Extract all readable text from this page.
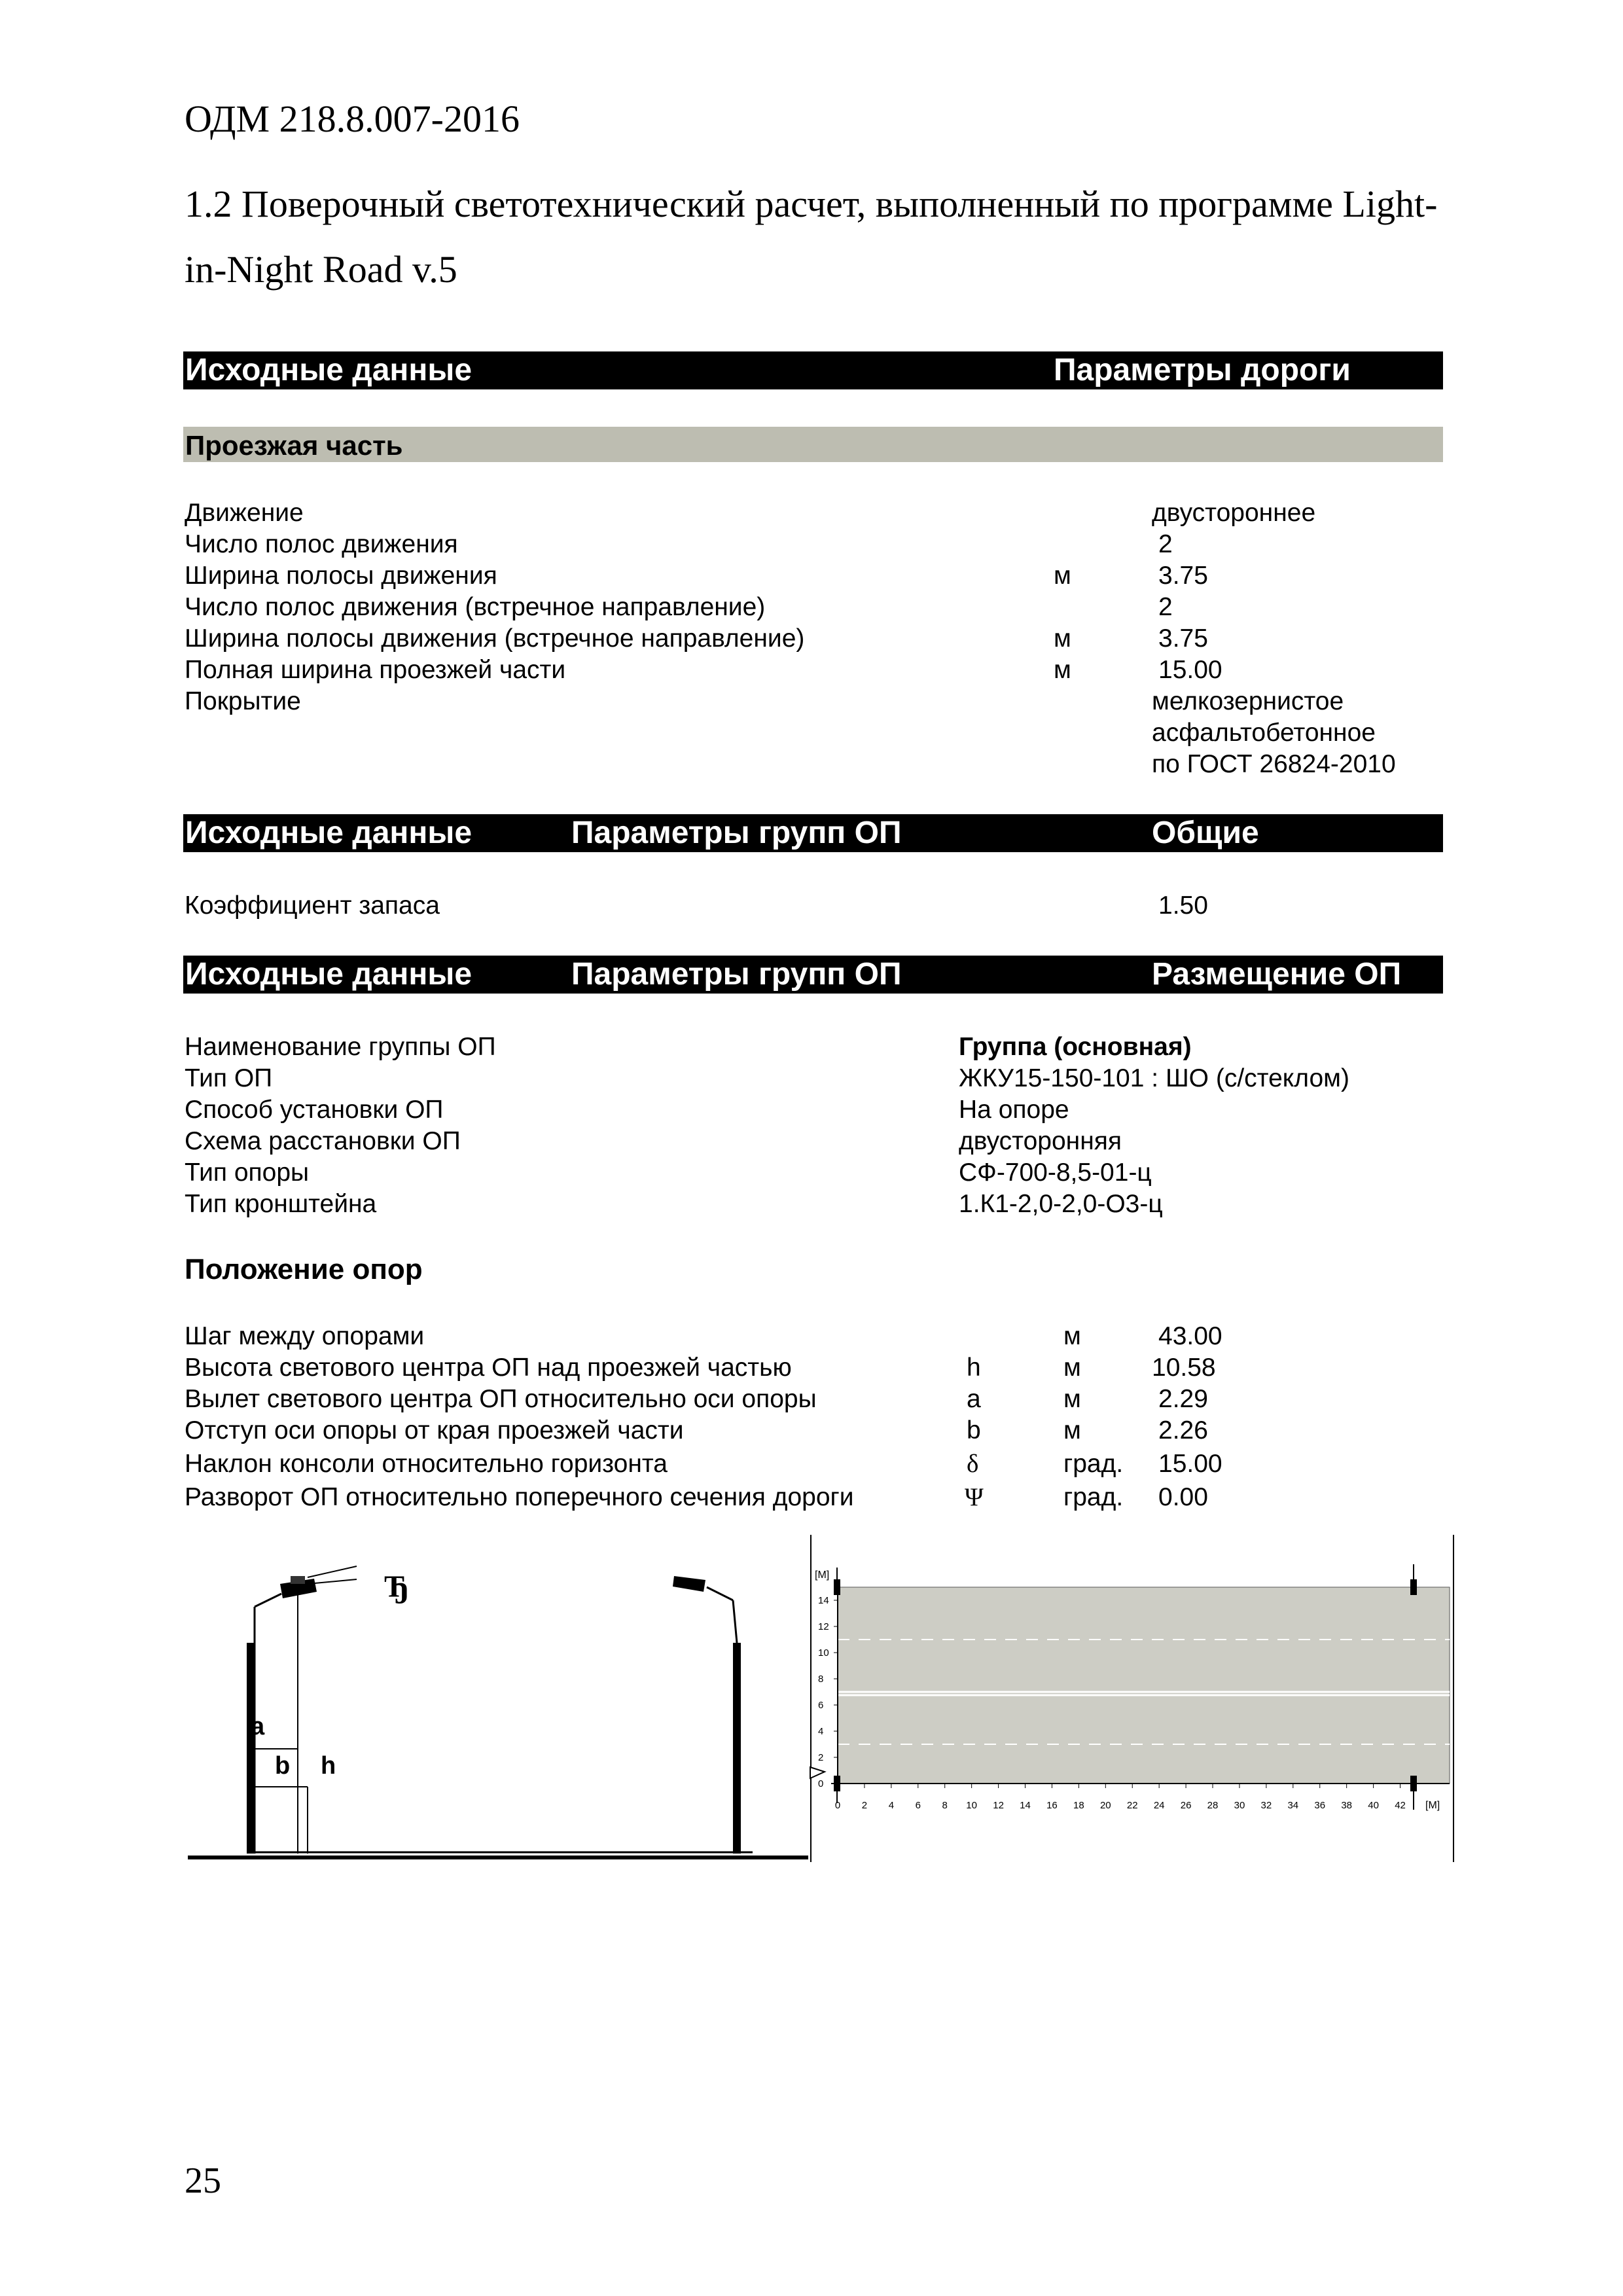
ОДМ 218.8.007-2016
1.2 Поверочный светотехнический расчет, выполненный по программе Light-
in-Night Road v.5
Исходные данные	Параметры дороги
Проезжая часть
Движение	двустороннее
Число полос движения	2
Ширина полосы движения	м	3.75
Число полос движения (встречное направление)	2
Ширина полосы движения (встречное направление)	м	3.75
Полная ширина проезжей части	м	15.00
Покрытие	мелкозернистое
асфальтобетонное
по ГОСТ 26824-2010
Исходные данные	Параметры групп ОП	Общие
Коэффициент запаса	1.50
Исходные данные	Параметры групп ОП	Размещение ОП
Наименование группы ОП	Группа (основная)
Тип ОП	ЖКУ15-150-101 : ШО (с/стеклом)
Способ установки ОП	На опоре
Схема расстановки ОП	двусторонняя
Тип опоры	СФ-700-8,5-01-ц
Тип кронштейна	1.К1-2,0-2,0-О3-ц
Положение опор
Шаг между опорами	м	43.00
Высота светового центра ОП над проезжей частью	h	м	10.58
Вылет светового центра ОП относительно оси опоры	a	м	2.29
Отступ оси опоры от края проезжей части	b	м	2.26
Наклон консоли относительно горизонта	δ	град. 15.00
Разворот ОП относительно поперечного сечения дороги	Ψ	град. 0.00
a
b h
Ђ	[М]
[М]
14
12
10
8
6
4
2
0
0 2 4 6 8 10 12 14 16 18 20 22 24 26 28 30 32 34 36 38 40 42
25
